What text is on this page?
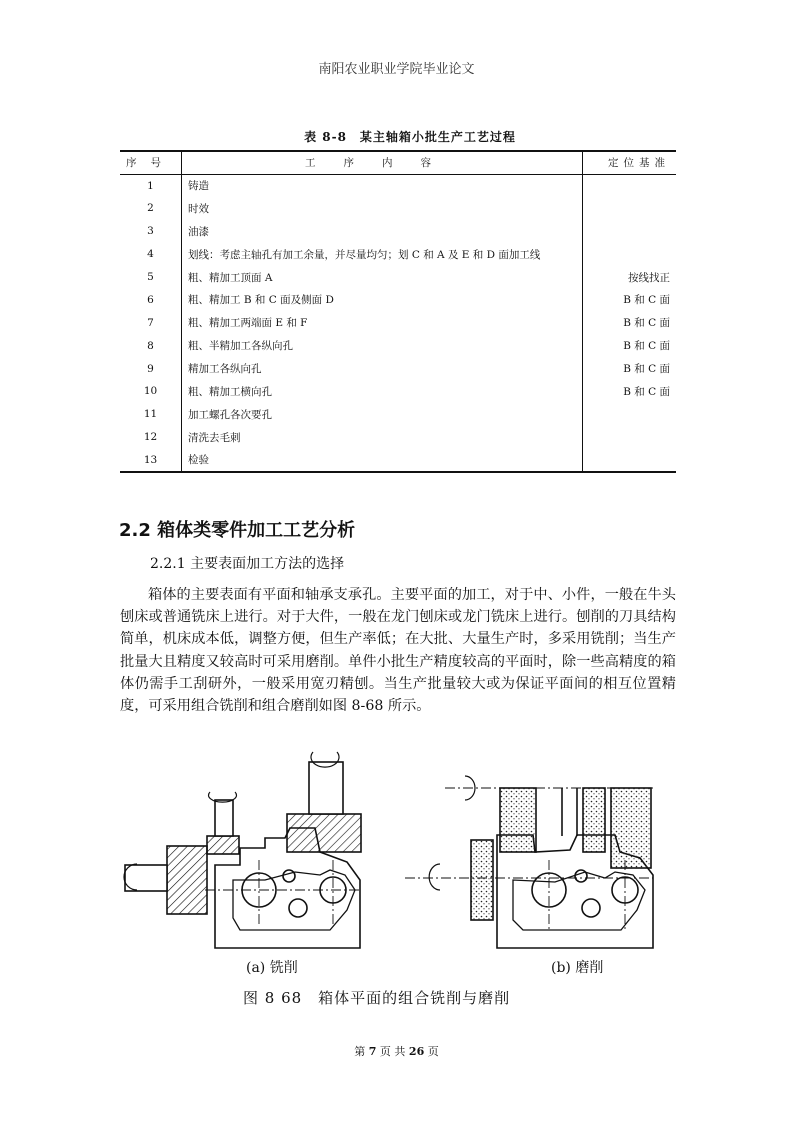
南阳农业职业学院毕业论文
表 8-8　某主轴箱小批生产工艺过程
序号	工序内容	定位基准
1	铸造	
2	时效	
3	油漆	
4	划线：考虑主轴孔有加工余量，并尽量均匀；划 C 和 A 及 E 和 D 面加工线	
5	粗、精加工顶面 A	按线找正
6	粗、精加工 B 和 C 面及侧面 D	B 和 C 面
7	粗、精加工两端面 E 和 F	B 和 C 面
8	粗、半精加工各纵向孔	B 和 C 面
9	精加工各纵向孔	B 和 C 面
10	粗、精加工横向孔	B 和 C 面
11	加工螺孔各次要孔	
12	清洗去毛刺	
13	检验	
2.2 箱体类零件加工工艺分析
2.2.1 主要表面加工方法的选择
箱体的主要表面有平面和轴承支承孔。主要平面的加工，对于中、小件，一般在牛头刨床或普通铣床上进行。对于大件，一般在龙门刨床或龙门铣床上进行。刨削的刀具结构简单，机床成本低，调整方便，但生产率低；在大批、大量生产时，多采用铣削；当生产批量大且精度又较高时可采用磨削。单件小批生产精度较高的平面时，除一些高精度的箱体仍需手工刮研外，一般采用宽刃精刨。当生产批量较大或为保证平面间的相互位置精度，可采用组合铣削和组合磨削如图 8-68 所示。
(a) 铣削	(b) 磨削
图 8 68　箱体平面的组合铣削与磨削
第 7 页 共 26 页
